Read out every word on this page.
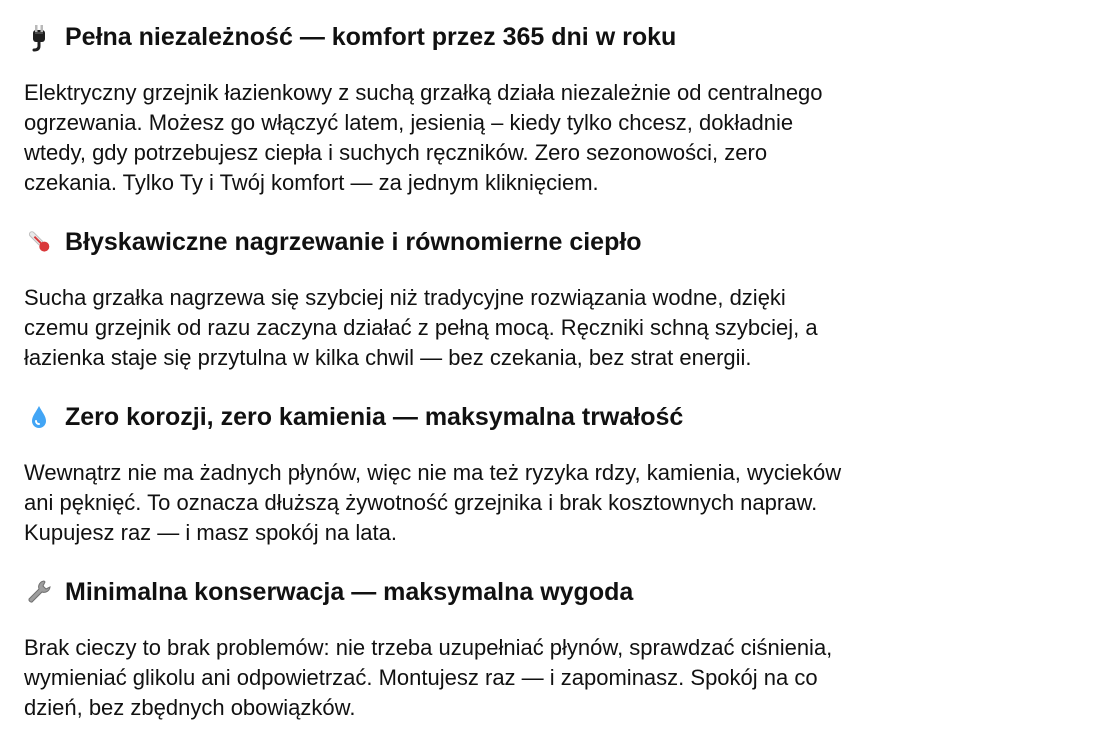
Pełna niezależność — komfort przez 365 dni w roku

Elektryczny grzejnik łazienkowy z suchą grzałką działa niezależnie od centralnego
ogrzewania. Możesz go włączyć latem, jesienią – kiedy tylko chcesz, dokładnie
wtedy, gdy potrzebujesz ciepła i suchych ręczników. Zero sezonowości, zero
czekania. Tylko Ty i Twój komfort — za jednym kliknięciem.

Błyskawiczne nagrzewanie i równomierne ciepło

Sucha grzałka nagrzewa się szybciej niż tradycyjne rozwiązania wodne, dzięki
czemu grzejnik od razu zaczyna działać z pełną mocą. Ręczniki schną szybciej, a
łazienka staje się przytulna w kilka chwil — bez czekania, bez strat energii.

Zero korozji, zero kamienia — maksymalna trwałość

Wewnątrz nie ma żadnych płynów, więc nie ma też ryzyka rdzy, kamienia, wycieków
ani pęknięć. To oznacza dłuższą żywotność grzejnika i brak kosztownych napraw.
Kupujesz raz — i masz spokój na lata.

Minimalna konserwacja — maksymalna wygoda

Brak cieczy to brak problemów: nie trzeba uzupełniać płynów, sprawdzać ciśnienia,
wymieniać glikolu ani odpowietrzać. Montujesz raz — i zapominasz. Spokój na co
dzień, bez zbędnych obowiązków.
